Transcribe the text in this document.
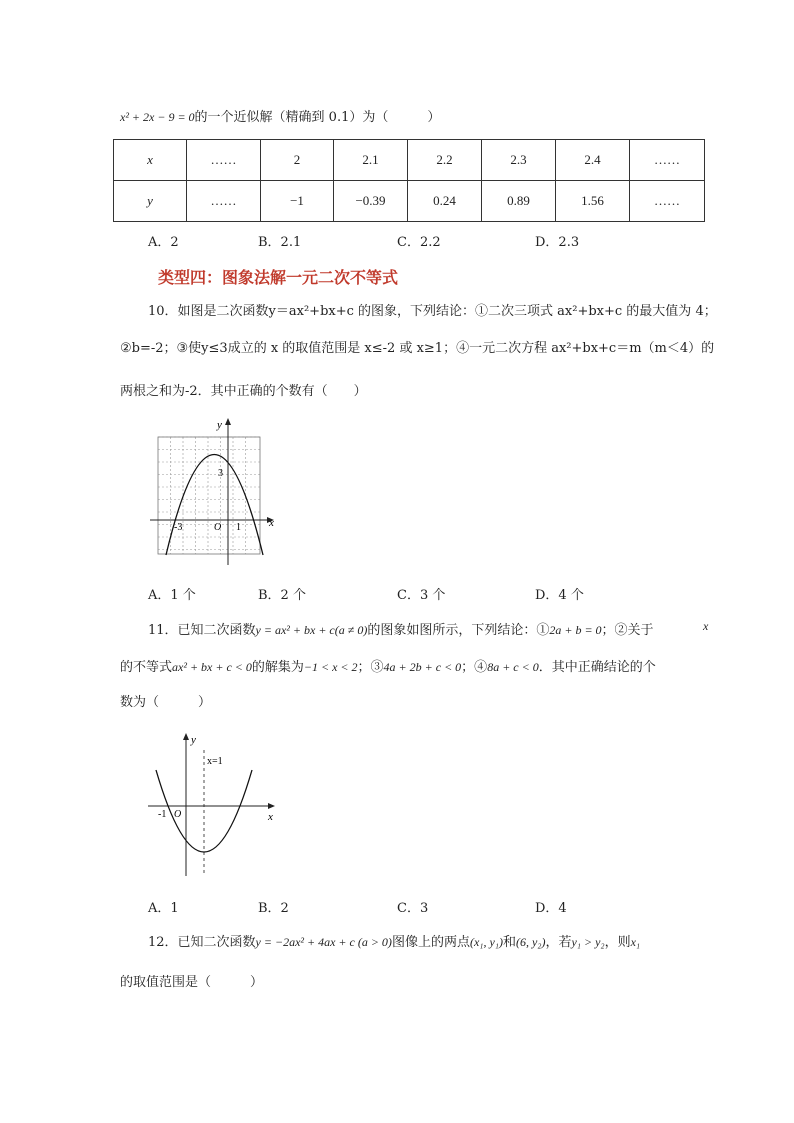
x² + 2x − 9 = 0的一个近似解（精确到 0.1）为（　　　）
x	……	2	2.1	2.2	2.3	2.4	……
y	……	−1	−0.39	0.24	0.89	1.56	……
A．2	B．2.1	C．2.2	D．2.3
类型四：图象法解一元二次不等式
10．如图是二次函数y＝ax²+bx+c 的图象，下列结论：①二次三项式 ax²+bx+c 的最大值为 4；
②b=-2；③使y≤3成立的 x 的取值范围是 x≤-2 或 x≥1；④一元二次方程 ax²+bx+c＝m（m＜4）的
两根之和为-2．其中正确的个数有（　　）
y
x
3
-3	O 1
A．1 个	B．2 个	C．3 个	D．4 个
11．已知二次函数y = ax² + bx + c(a ≠ 0)的图象如图所示，下列结论：①2a + b = 0；②关于	x
的不等式ax² + bx + c < 0的解集为−1 < x < 2；③4a + 2b + c < 0；④8a + c < 0．其中正确结论的个
数为（　　　）
y
x
x=1
-1 O
A．1	B．2	C．3	D．4
12．已知二次函数y = −2ax² + 4ax + c (a > 0)图像上的两点(x₁, y₁)和(6, y₂)，若y₁ > y₂，则x₁
的取值范围是（　　　）
